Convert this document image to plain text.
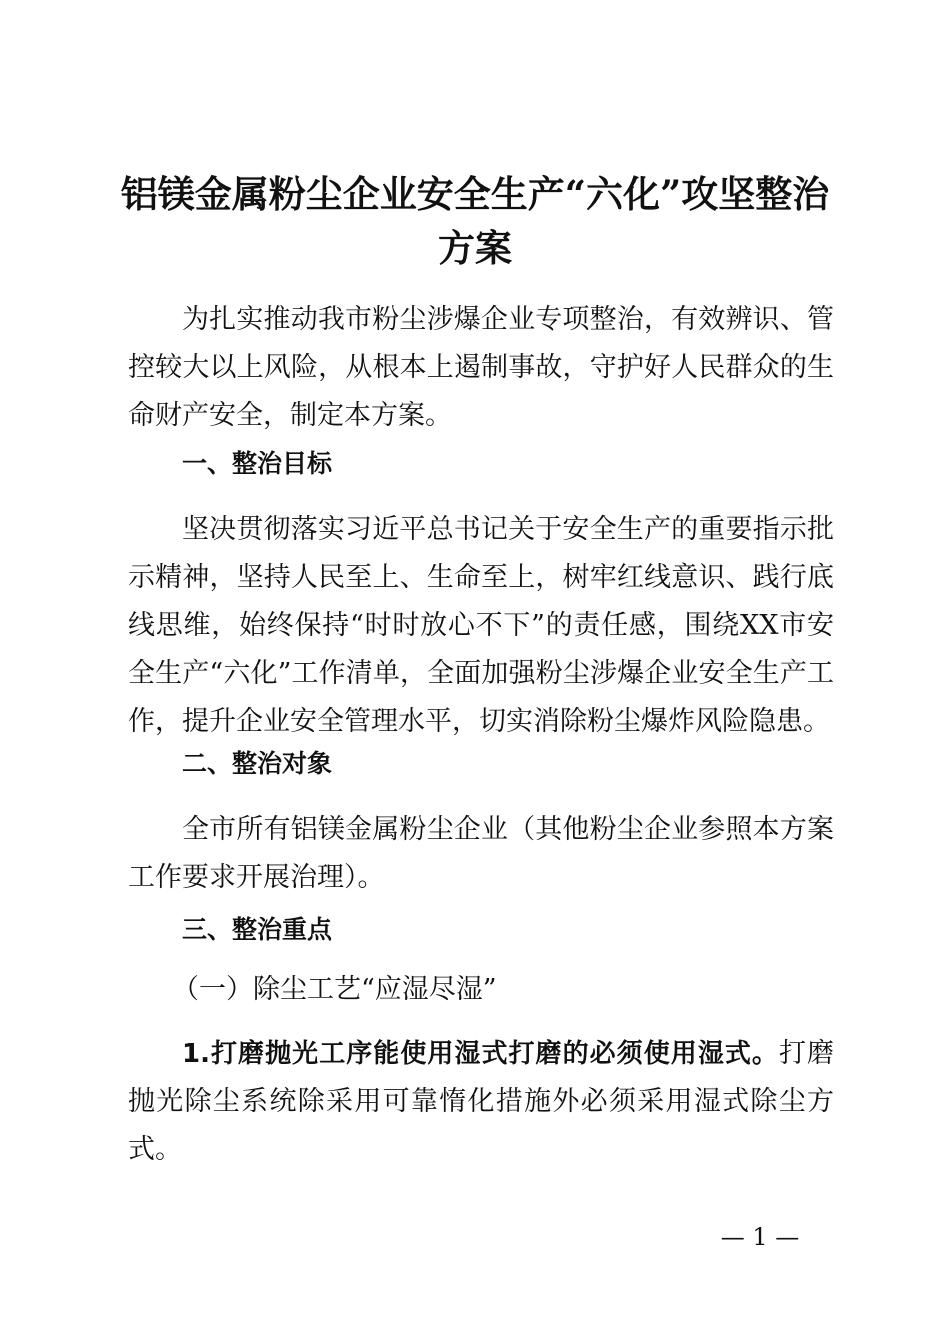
铝镁金属粉尘企业安全生产“六化”攻坚整治
方案

为扎实推动我市粉尘涉爆企业专项整治，有效辨识、管控较大以上风险，从根本上遏制事故，守护好人民群众的生命财产安全，制定本方案。

一、整治目标

坚决贯彻落实习近平总书记关于安全生产的重要指示批示精神，坚持人民至上、生命至上，树牢红线意识、践行底线思维，始终保持“时时放心不下”的责任感，围绕XX市安全生产“六化”工作清单，全面加强粉尘涉爆企业安全生产工作，提升企业安全管理水平，切实消除粉尘爆炸风险隐患。

二、整治对象

全市所有铝镁金属粉尘企业（其他粉尘企业参照本方案工作要求开展治理）。

三、整治重点

（一）除尘工艺“应湿尽湿”

1.打磨抛光工序能使用湿式打磨的必须使用湿式。打磨抛光除尘系统除采用可靠惰化措施外必须采用湿式除尘方式。

— 1 —
